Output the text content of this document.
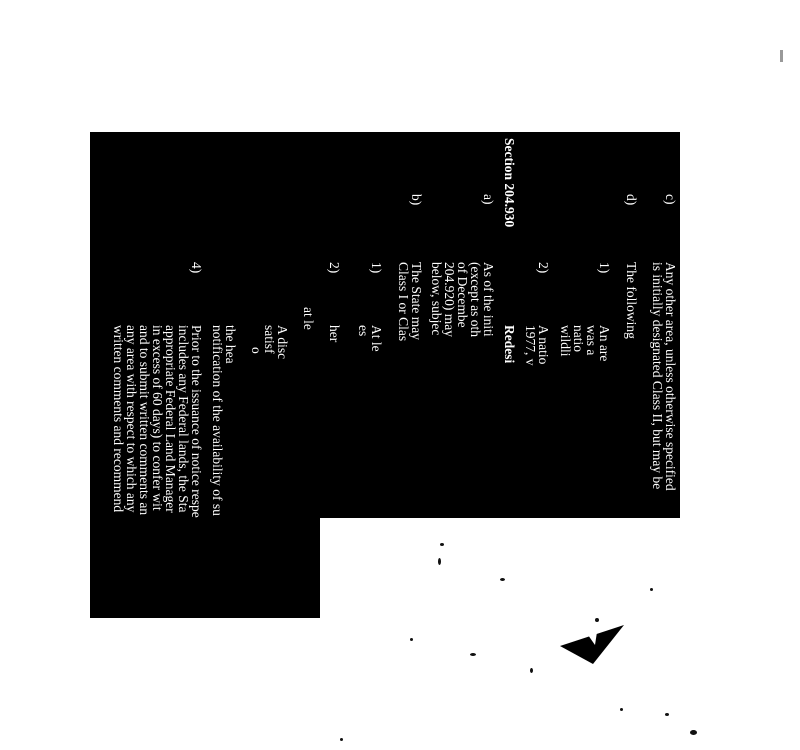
c)
Any other area, unless otherwise specified
is initially designated Class II, but may be
d)
The following
1)
An are
was a
natio
wildli
2)
A natio
1977, v
Section 204.930
Redesi
a)
As of the initi
(except as oth
of Decembe
204.920) may
below, subjec
b)
The State may
Class I or Clas
1)
At le
es
2)
her
at le
A disc
satisf
o
the hea
notification of the availability of su
4)
Prior to the issuance of notice respe
includes any Federal lands, the Sta
appropriate Federal Land Manager
in excess of 60 days) to confer wit
and to submit written comments an
any area with respect to which any
written comments and recommend
39
